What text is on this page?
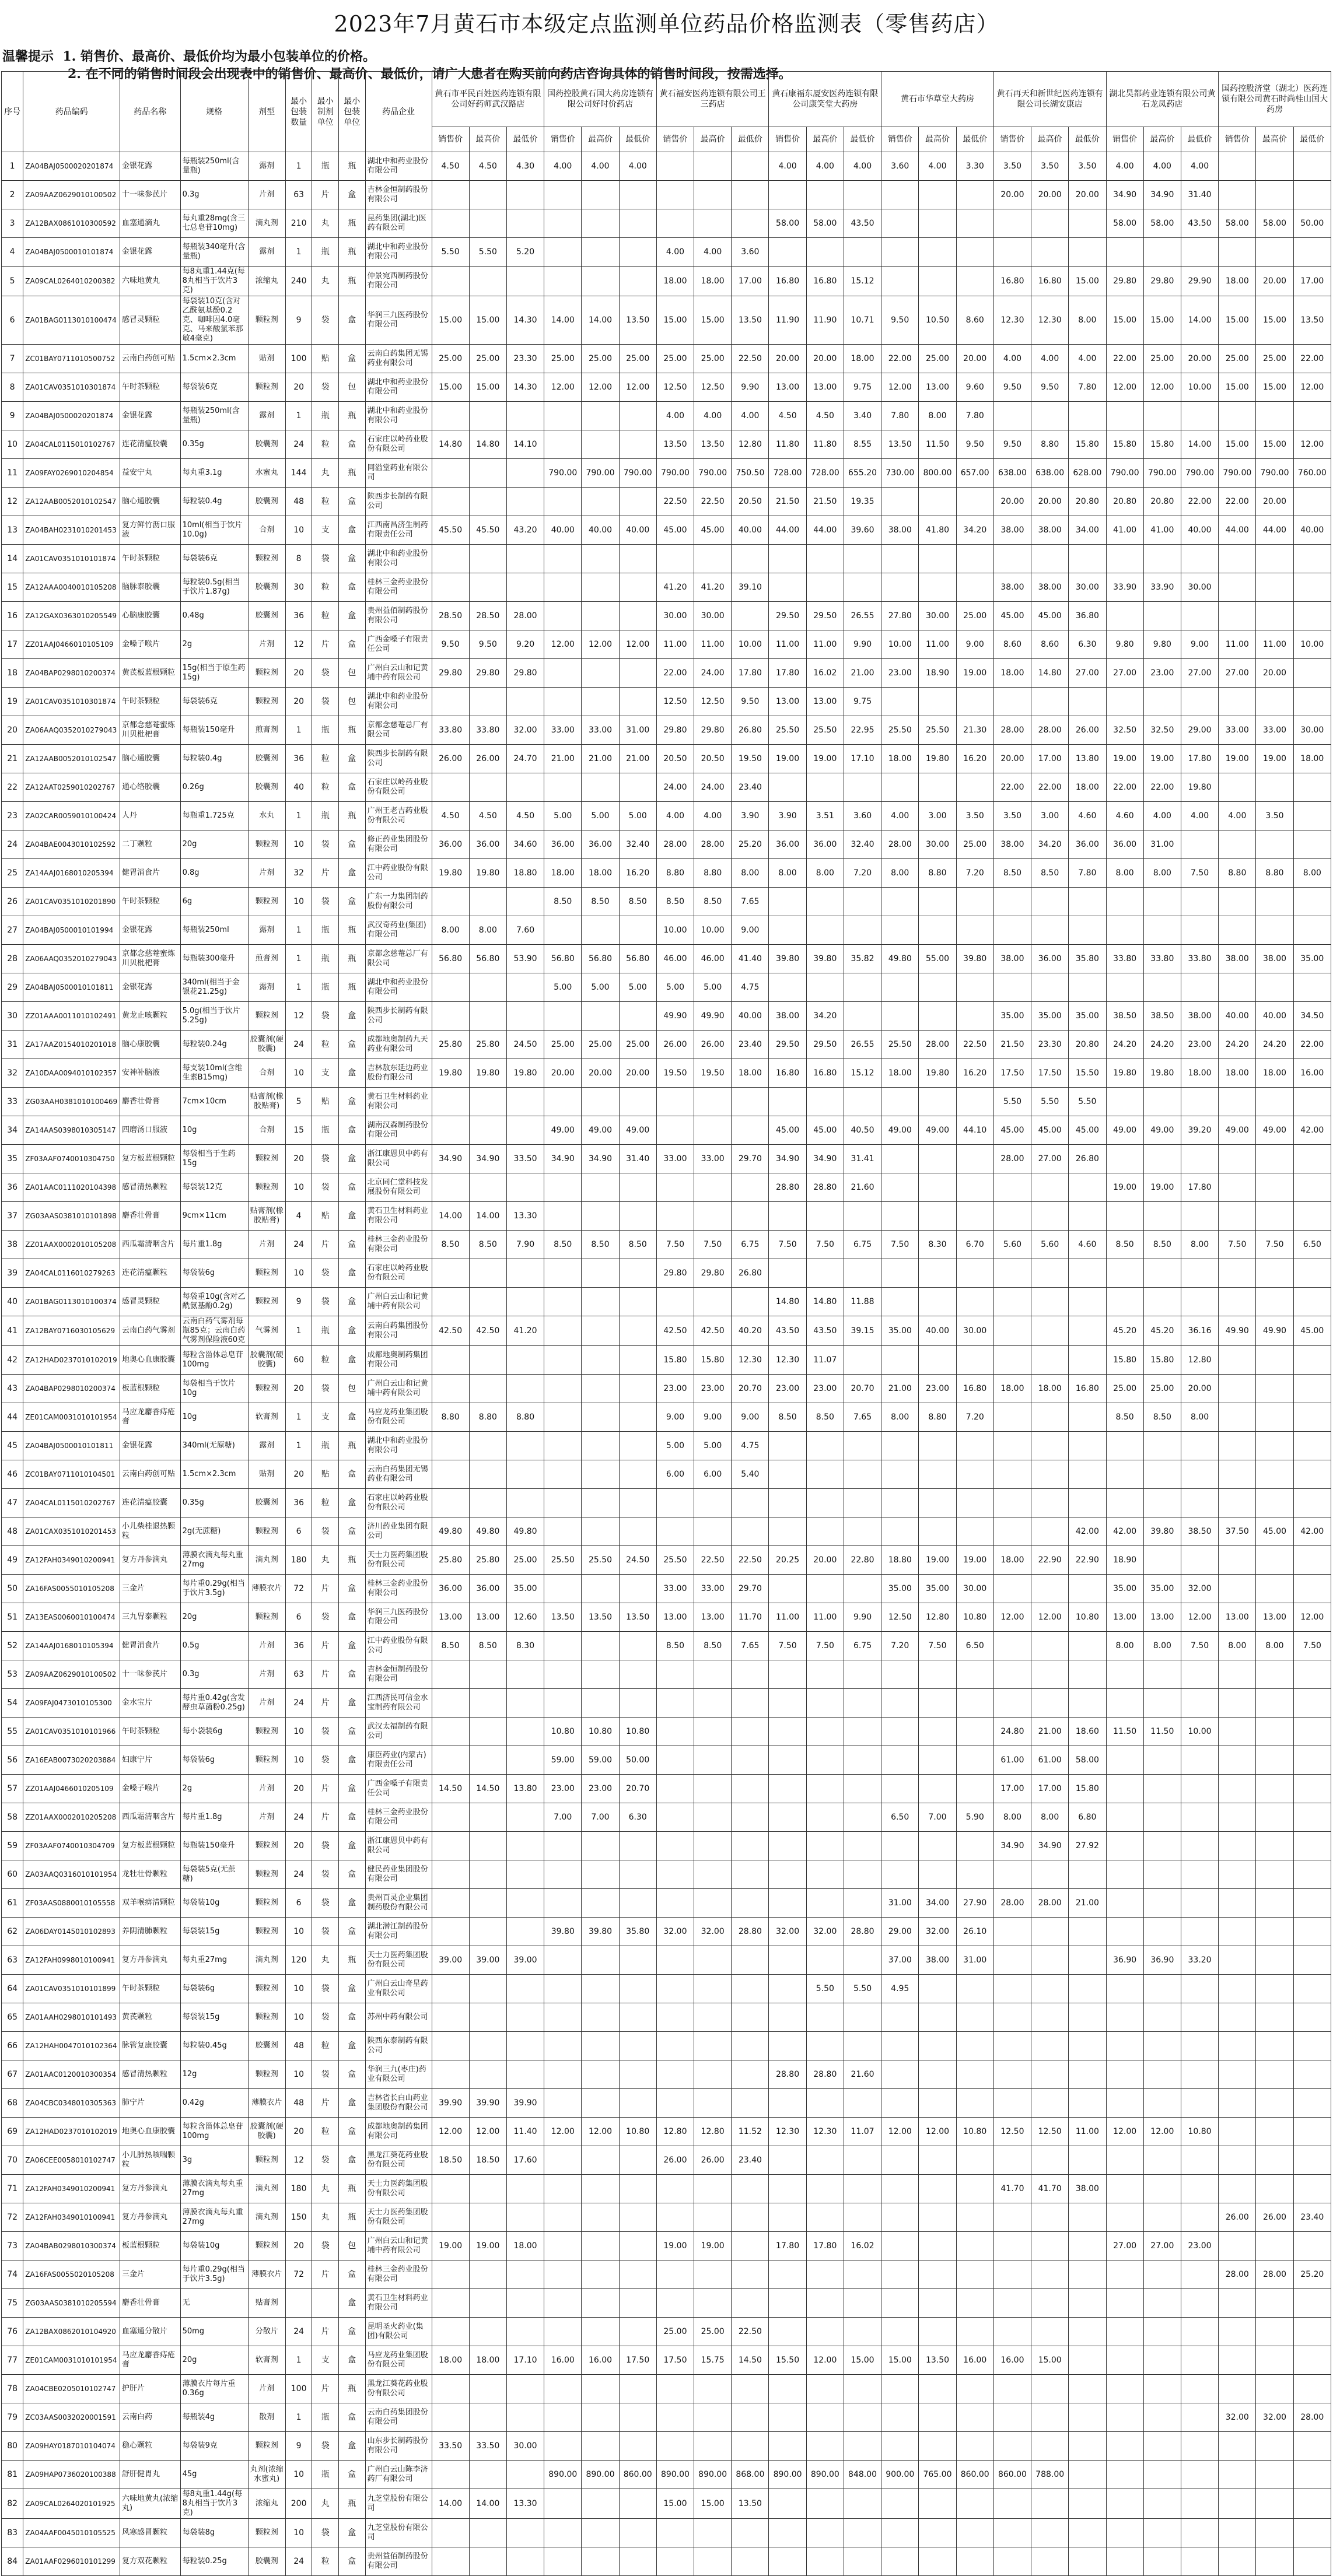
2023年7月黄石市本级定点监测单位药品价格监测表（零售药店）
温馨提示 1. 销售价、最高价、最低价均为最小包装单位的价格。
2. 在不同的销售时间段会出现表中的销售价、最高价、最低价，请广大患者在购买前向药店咨询具体的销售时间段，按需选择。
序号	药品编码	药品名称	规格	剂型	最小包装数量	最小制剂单位	最小包装单位	药品企业	黄石市平民百姓医药连锁有限公司好药师武汉路店			国药控股黄石国大药房连锁有限公司好时价药店			黄石福安医药连锁有限公司王三药店			黄石康福东厦安医药连锁有限公司康笑堂大药房			黄石市华草堂大药房			黄石再天和新世纪医药连锁有限公司长湖安康店			湖北昊都药业连锁有限公司黄石龙凤药店			国药控股济堂（湖北）医药连锁有限公司黄石时尚桂山国大药房		
									销售价	最高价	最低价	销售价	最高价	最低价	销售价	最高价	最低价	销售价	最高价	最低价	销售价	最高价	最低价	销售价	最高价	最低价	销售价	最高价	最低价	销售价	最高价	最低价
1	ZA04BAJ0500020201874	金银花露	每瓶装250ml(含量瓶)	露剂	1	瓶	瓶	湖北中和药业股份有限公司	4.50	4.50	4.30	4.00	4.00	4.00				4.00	4.00	4.00	3.60	4.00	3.30	3.50	3.50	3.50	4.00	4.00	4.00			
2	ZA09AAZ0629010100502	十一味参芪片	0.3g	片剂	63	片	盒	吉林金恒制药股份有限公司																20.00	20.00	20.00	34.90	34.90	31.40			
3	ZA12BAX0861010300592	血塞通滴丸	每丸重28mg(含三七总皂苷10mg)	滴丸剂	210	丸	瓶	昆药集团(湖北)医药有限公司										58.00	58.00	43.50							58.00	58.00	43.50	58.00	58.00	50.00
4	ZA04BAJ0500010101874	金银花露	每瓶装340毫升(含量瓶)	露剂	1	瓶	瓶	湖北中和药业股份有限公司	5.50	5.50	5.20				4.00	4.00	3.60															
5	ZA09CAL0264010200382	六味地黄丸	每8丸重1.44克(每8丸相当于饮片3克)	浓缩丸	240	丸	瓶	仲景宛西制药股份有限公司							18.00	18.00	17.00	16.80	16.80	15.12				16.80	16.80	15.00	29.80	29.80	29.90	18.00	20.00	17.00
6	ZA01BAG0113010100474	感冒灵颗粒	每袋装10克(含对乙酰氨基酚0.2克、咖啡因4.0毫克、马来酸氯苯那敏4毫克)	颗粒剂	9	袋	盒	华润三九医药股份有限公司	15.00	15.00	14.30	14.00	14.00	13.50	15.00	15.00	13.50	11.90	11.90	10.71	9.50	10.50	8.60	12.30	12.30	8.00	15.00	15.00	14.00	15.00	15.00	13.50
7	ZC01BAY0711010500752	云南白药创可贴	1.5cm×2.3cm	贴剂	100	贴	盒	云南白药集团无锡药业有限公司	25.00	25.00	23.30	25.00	25.00	25.00	25.00	25.00	22.50	20.00	20.00	18.00	22.00	25.00	20.00	4.00	4.00	4.00	22.00	25.00	20.00	25.00	25.00	22.00
8	ZA01CAV0351010301874	午时茶颗粒	每袋装6克	颗粒剂	20	袋	包	湖北中和药业股份有限公司	15.00	15.00	14.30	12.00	12.00	12.00	12.50	12.50	9.90	13.00	13.00	9.75	12.00	13.00	9.60	9.50	9.50	7.80	12.00	12.00	10.00	15.00	15.00	12.00
9	ZA04BAJ0500020201874	金银花露	每瓶装250ml(含量瓶)	露剂	1	瓶	瓶	湖北中和药业股份有限公司							4.00	4.00	4.00	4.50	4.50	3.40	7.80	8.00	7.80									
10	ZA04CAL0115010102767	连花清瘟胶囊	0.35g	胶囊剂	24	粒	盒	石家庄以岭药业股份有限公司	14.80	14.80	14.10				13.50	13.50	12.80	11.80	11.80	8.55	13.50	11.50	9.50	9.50	8.80	15.80	15.80	15.80	14.00	15.00	15.00	12.00
11	ZA09FAY0269010204854	益安宁丸	每丸重3.1g	水蜜丸	144	丸	瓶	同溢堂药业有限公司				790.00	790.00	790.00	790.00	790.00	750.50	728.00	728.00	655.20	730.00	800.00	657.00	638.00	638.00	628.00	790.00	790.00	790.00	790.00	790.00	760.00
12	ZA12AAB0052010102547	脑心通胶囊	每粒装0.4g	胶囊剂	48	粒	盒	陕西步长制药有限公司							22.50	22.50	20.50	21.50	21.50	19.35				20.00	20.00	20.80	20.80	20.80	22.00	22.00	20.00	
13	ZA04BAH0231010201453	复方鲜竹沥口服液	10ml(相当于饮片10.0g)	合剂	10	支	盒	江西南昌济生制药有限责任公司	45.50	45.50	43.20	40.00	40.00	40.00	45.00	45.00	40.00	44.00	44.00	39.60	38.00	41.80	34.20	38.00	38.00	34.00	41.00	41.00	40.00	44.00	44.00	40.00
14	ZA01CAV0351010101874	午时茶颗粒	每袋装6克	颗粒剂	8	袋	盒	湖北中和药业股份有限公司																								
15	ZA12AAA0040010105208	脑脉泰胶囊	每粒装0.5g(相当于饮片1.87g)	胶囊剂	30	粒	盒	桂林三金药业股份有限公司							41.20	41.20	39.10							38.00	38.00	30.00	33.90	33.90	30.00			
16	ZA12GAX0363010205549	心脑康胶囊	0.48g	胶囊剂	36	粒	盒	贵州益佰制药股份有限公司	28.50	28.50	28.00				30.00	30.00		29.50	29.50	26.55	27.80	30.00	25.00	45.00	45.00	36.80						
17	ZZ01AAJ0466010105109	金嗓子喉片	2g	片剂	12	片	盒	广西金嗓子有限责任公司	9.50	9.50	9.20	12.00	12.00	12.00	11.00	11.00	10.00	11.00	11.00	9.90	10.00	11.00	9.00	8.60	8.60	6.30	9.80	9.80	9.00	11.00	11.00	10.00
18	ZA04BAP0298010200374	黄芪板蓝根颗粒	15g(相当于原生药15g)	颗粒剂	20	袋	包	广州白云山和记黄埔中药有限公司	29.80	29.80	29.80				22.00	24.00	17.80	17.80	16.02	21.00	23.00	18.90	19.00	18.00	14.80	27.00	27.00	23.00	27.00	27.00	20.00	
19	ZA01CAV0351010301874	午时茶颗粒	每袋装6克	颗粒剂	20	袋	包	湖北中和药业股份有限公司							12.50	12.50	9.50	13.00	13.00	9.75												
20	ZA06AAQ0352010279043	京都念慈菴蜜炼川贝枇杷膏	每瓶装150毫升	煎膏剂	1	瓶	瓶	京都念慈菴总厂有限公司	33.80	33.80	32.00	33.00	33.00	31.00	29.80	29.80	26.80	25.50	25.50	22.95	25.50	25.50	21.30	28.00	28.00	26.00	32.50	32.50	29.00	33.00	33.00	30.00
21	ZA12AAB0052010102547	脑心通胶囊	每粒装0.4g	胶囊剂	36	粒	盒	陕西步长制药有限公司	26.00	26.00	24.70	21.00	21.00	21.00	20.50	20.50	19.50	19.00	19.00	17.10	18.00	19.80	16.20	20.00	17.00	13.80	19.00	19.00	17.80	19.00	19.00	18.00
22	ZA12AAT0259010202767	通心络胶囊	0.26g	胶囊剂	40	粒	盒	石家庄以岭药业股份有限公司							24.00	24.00	23.40							22.00	22.00	18.00	22.00	22.00	19.80			
23	ZA02CAR0059010100424	人丹	每瓶重1.725克	水丸	1	瓶	瓶	广州王老吉药业股份有限公司	4.50	4.50	4.50	5.00	5.00	5.00	4.00	4.00	3.90	3.90	3.51	3.60	4.00	3.00	3.50	3.50	3.00	4.60	4.60	4.00	4.00	4.00	3.50	
24	ZA04BAE0043010102592	二丁颗粒	20g	颗粒剂	10	袋	盒	修正药业集团股份有限公司	36.00	36.00	34.60	36.00	36.00	32.40	28.00	28.00	25.20	36.00	36.00	32.40	28.00	30.00	25.00	38.00	34.20	36.00	36.00	31.00				
25	ZA14AAJ0168010205394	健胃消食片	0.8g	片剂	32	片	盒	江中药业股份有限公司	19.80	19.80	18.80	18.00	18.00	16.20	8.80	8.80	8.00	8.00	8.00	7.20	8.00	8.80	7.20	8.50	8.50	7.80	8.00	8.00	7.50	8.80	8.80	8.00
26	ZA01CAV0351010201890	午时茶颗粒	6g	颗粒剂	10	袋	盒	广东一力集团制药股份有限公司				8.50	8.50	8.50	8.50	8.50	7.65															
27	ZA04BAJ0500010101994	金银花露	每瓶装250ml	露剂	1	瓶	瓶	武汉奇药业(集团)有限公司	8.00	8.00	7.60				10.00	10.00	9.00															
28	ZA06AAQ0352010279043	京都念慈菴蜜炼川贝枇杷膏	每瓶装300毫升	煎膏剂	1	瓶	瓶	京都念慈菴总厂有限公司	56.80	56.80	53.90	56.80	56.80	56.80	46.00	46.00	41.40	39.80	39.80	35.82	49.80	55.00	39.80	38.00	36.00	35.80	33.80	33.80	33.80	38.00	38.00	35.00
29	ZA04BAJ0500010101811	金银花露	340ml(相当于金银花21.25g)	露剂	1	瓶	瓶	湖北中和药业股份有限公司				5.00	5.00	5.00	5.00	5.00	4.75															
30	ZZ01AAA0011010102491	黄龙止咳颗粒	5.0g(相当于饮片5.25g)	颗粒剂	12	袋	盒	陕西步长制药有限公司							49.90	49.90	40.00	38.00	34.20					35.00	35.00	35.00	38.50	38.50	38.00	40.00	40.00	34.50
31	ZA17AAZ0154010201018	脑心康胶囊	每粒装0.24g	胶囊剂(硬胶囊)	24	粒	盒	成都地奥制药九天药业有限公司	25.80	25.80	24.50	25.00	25.00	25.00	26.00	26.00	23.40	29.50	29.50	26.55	25.50	28.00	22.50	21.50	23.30	20.80	24.20	24.20	23.00	24.20	24.20	22.00
32	ZA10DAA0094010102357	安神补脑液	每支装10ml(含维生素B15mg)	合剂	10	支	盒	吉林敖东延边药业股份有限公司	19.80	19.80	19.80	20.00	20.00	20.00	19.50	19.50	18.00	16.80	16.80	15.12	18.00	19.80	16.20	17.50	17.50	15.50	19.80	19.80	18.00	18.00	18.00	16.00
33	ZG03AAH0381010100469	麝香壮骨膏	7cm×10cm	贴膏剂(橡胶贴膏)	5	贴	盒	黄石卫生材料药业有限公司																5.50	5.50	5.50						
34	ZA14AAS0398010305147	四磨汤口服液	10g	合剂	15	瓶	盒	湖南汉森制药股份有限公司				49.00	49.00	49.00				45.00	45.00	40.50	49.00	49.00	44.10	45.00	45.00	45.00	49.00	49.00	39.20	49.00	49.00	42.00
35	ZF03AAF0740010304750	复方板蓝根颗粒	每袋相当于生药15g	颗粒剂	20	袋	盒	浙江康恩贝中药有限公司	34.90	34.90	33.50	34.90	34.90	31.40	33.00	33.00	29.70	34.90	34.90	31.41				28.00	27.00	26.80						
36	ZA01AAC0111020104398	感冒清热颗粒	每袋装12克	颗粒剂	10	袋	盒	北京同仁堂科技发展股份有限公司										28.80	28.80	21.60							19.00	19.00	17.80			
37	ZG03AAS0381010101898	麝香壮骨膏	9cm×11cm	贴膏剂(橡胶贴膏)	4	贴	盒	黄石卫生材料药业有限公司	14.00	14.00	13.30																					
38	ZZ01AAX0002010105208	西瓜霜清咽含片	每片重1.8g	片剂	24	片	盒	桂林三金药业股份有限公司	8.50	8.50	7.90	8.50	8.50	8.50	7.50	7.50	6.75	7.50	7.50	6.75	7.50	8.30	6.70	5.60	5.60	4.60	8.50	8.50	8.00	7.50	7.50	6.50
39	ZA04CAL0116010279263	连花清瘟颗粒	每袋装6g	颗粒剂	10	袋	盒	石家庄以岭药业股份有限公司							29.80	29.80	26.80															
40	ZA01BAG0113010100374	感冒灵颗粒	每袋重10g(含对乙酰氨基酚0.2g)	颗粒剂	9	袋	盒	广州白云山和记黄埔中药有限公司										14.80	14.80	11.88												
41	ZA12BAY0716030105629	云南白药气雾剂	云南白药气雾剂每瓶85克；云南白药气雾剂保险液60克	气雾剂	1	瓶	盒	云南白药集团股份有限公司	42.50	42.50	41.20				42.50	42.50	40.20	43.50	43.50	39.15	35.00	40.00	30.00				45.20	45.20	36.16	49.90	49.90	45.00
42	ZA12HAD0237010102019	地奥心血康胶囊	每粒含甾体总皂苷100mg	胶囊剂(硬胶囊)	60	粒	盒	成都地奥制药集团有限公司							15.80	15.80	12.30	12.30	11.07								15.80	15.80	12.80			
43	ZA04BAP0298010200374	板蓝根颗粒	每袋相当于饮片10g	颗粒剂	20	袋	包	广州白云山和记黄埔中药有限公司							23.00	23.00	20.70	23.00	23.00	20.70	21.00	23.00	16.80	18.00	18.00	16.80	25.00	25.00	20.00			
44	ZE01CAM0031010101954	马应龙麝香痔疮膏	10g	软膏剂	1	支	盒	马应龙药业集团股份有限公司	8.80	8.80	8.80				9.00	9.00	9.00	8.50	8.50	7.65	8.00	8.80	7.20				8.50	8.50	8.00			
45	ZA04BAJ0500010101811	金银花露	340ml(无原糖)	露剂	1	瓶	瓶	湖北中和药业股份有限公司							5.00	5.00	4.75															
46	ZC01BAY0711010104501	云南白药创可贴	1.5cm×2.3cm	贴剂	20	贴	盒	云南白药集团无锡药业有限公司							6.00	6.00	5.40															
47	ZA04CAL0115010202767	连花清瘟胶囊	0.35g	胶囊剂	36	粒	盒	石家庄以岭药业股份有限公司																								
48	ZA01CAX0351010201453	小儿柴桂退热颗粒	2g(无蔗糖)	颗粒剂	6	袋	盒	济川药业集团有限公司	49.80	49.80	49.80															42.00	42.00	39.80	38.50	37.50	45.00	42.00
49	ZA12FAH0349010200941	复方丹参滴丸	薄膜衣滴丸每丸重27mg	滴丸剂	180	丸	瓶	天士力医药集团股份有限公司	25.80	25.80	25.00	25.50	25.50	24.50	25.50	22.50	22.50	20.25	20.00	22.80	18.80	19.00	19.00	18.00	22.90	22.90	18.90					
50	ZA16FAS0055010105208	三金片	每片重0.29g(相当于饮片3.5g)	薄膜衣片	72	片	盒	桂林三金药业股份有限公司	36.00	36.00	35.00				33.00	33.00	29.70				35.00	35.00	30.00				35.00	35.00	32.00			
51	ZA13EAS0060010100474	三九胃泰颗粒	20g	颗粒剂	6	袋	盒	华润三九医药股份有限公司	13.00	13.00	12.60	13.50	13.50	13.50	13.00	13.00	11.70	11.00	11.00	9.90	12.50	12.80	10.80	12.00	12.00	10.80	13.00	13.00	12.00	13.00	13.00	12.00
52	ZA14AAJ0168010105394	健胃消食片	0.5g	片剂	36	片	盒	江中药业股份有限公司	8.50	8.50	8.30				8.50	8.50	7.65	7.50	7.50	6.75	7.20	7.50	6.50				8.00	8.00	7.50	8.00	8.00	7.50
53	ZA09AAZ0629010100502	十一味参芪片	0.3g	片剂	63	片	盒	吉林金恒制药股份有限公司																								
54	ZA09FAJ0473010105300	金水宝片	每片重0.42g(含发酵虫草菌粉0.25g)	片剂	24	片	盒	江西济民可信金水宝制药有限公司																								
55	ZA01CAV0351010101966	午时茶颗粒	每小袋装6g	颗粒剂	10	袋	盒	武汉太福制药有限公司				10.80	10.80	10.80										24.80	21.00	18.60	11.50	11.50	10.00			
56	ZA16EAB0073020203884	妇康宁片	每袋装6g	颗粒剂	10	袋	盒	康臣药业(内蒙古)有限责任公司				59.00	59.00	50.00										61.00	61.00	58.00						
57	ZZ01AAJ0466010205109	金嗓子喉片	2g	片剂	20	片	盒	广西金嗓子有限责任公司	14.50	14.50	13.80	23.00	23.00	20.70										17.00	17.00	15.80						
58	ZZ01AAX0002010205208	西瓜霜清咽含片	每片重1.8g	片剂	24	片	盒	桂林三金药业股份有限公司				7.00	7.00	6.30							6.50	7.00	5.90	8.00	8.00	6.80						
59	ZF03AAF0740010304709	复方板蓝根颗粒	每瓶装150毫升	颗粒剂	20	袋	盒	浙江康恩贝中药有限公司																34.90	34.90	27.92						
60	ZA03AAQ0316010101954	龙牡壮骨颗粒	每袋装5克(无蔗糖)	颗粒剂	24	袋	盒	健民药业集团股份有限公司																								
61	ZF03AAS0880010105558	双羊喉痹清颗粒	每袋装10g	颗粒剂	6	袋	盒	贵州百灵企业集团制药股份有限公司													31.00	34.00	27.90	28.00	28.00	21.00						
62	ZA06DAY0145010102893	养阴清肺颗粒	每袋装15g	颗粒剂	10	袋	盒	湖北潜江制药股份有限公司				39.80	39.80	35.80	32.00	32.00	28.80	32.00	32.00	28.80	29.00	32.00	26.10									
63	ZA12FAH0998010100941	复方丹参滴丸	每丸重27mg	滴丸剂	120	丸	瓶	天士力医药集团股份有限公司	39.00	39.00	39.00										37.00	38.00	31.00				36.90	36.90	33.20			
64	ZA01CAV0351010101899	午时茶颗粒	每袋装6g	颗粒剂	10	袋	盒	广州白云山奇星药业有限公司											5.50	5.50	4.95											
65	ZA01AAH0298010101493	黄芪颗粒	每袋装15g	颗粒剂	10	袋	盒	苏州中药有限公司																								
66	ZA12HAH0047010102364	脉管复康胶囊	每粒装0.45g	胶囊剂	48	粒	盒	陕西东泰制药有限公司																								
67	ZA01AAC0120010300354	感冒清热颗粒	12g	颗粒剂	10	袋	盒	华润三九(枣庄)药业有限公司										28.80	28.80	21.60												
68	ZA04CBC0348010305363	肺宁片	0.42g	薄膜衣片	48	片	盒	吉林省长白山药业集团股份有限公司	39.90	39.90	39.90																					
69	ZA12HAD0237010102019	地奥心血康胶囊	每粒含甾体总皂苷100mg	胶囊剂(硬胶囊)	20	粒	盒	成都地奥制药集团有限公司	12.00	12.00	11.40	12.00	12.00	10.80	12.80	12.80	11.52	12.30	12.30	11.07	12.00	12.00	10.80	12.50	12.50	11.00	12.00	12.00	10.80			
70	ZA06CEE0058010102747	小儿肺热咳喘颗粒	3g	颗粒剂	12	袋	盒	黑龙江葵花药业股份有限公司	18.50	18.50	17.60				26.00	26.00	23.40															
71	ZA12FAH0349010200941	复方丹参滴丸	薄膜衣滴丸每丸重27mg	滴丸剂	180	丸	瓶	天士力医药集团股份有限公司																41.70	41.70	38.00						
72	ZA12FAH0349010100941	复方丹参滴丸	薄膜衣滴丸每丸重27mg	滴丸剂	150	丸	瓶	天士力医药集团股份有限公司																						26.00	26.00	23.40
73	ZA04BAB0298010300374	板蓝根颗粒	每袋装10g	颗粒剂	20	袋	包	广州白云山和记黄埔中药有限公司	19.00	19.00	18.00				19.00	19.00		17.80	17.80	16.02							27.00	27.00	23.00			
74	ZA16FAS0055020105208	三金片	每片重0.29g(相当于饮片3.5g)	薄膜衣片	72	片	盒	桂林三金药业股份有限公司																						28.00	28.00	25.20
75	ZG03AAS0381010205594	麝香壮骨膏	无	贴膏剂			盒	黄石卫生材料药业有限公司																								
76	ZA12BAX0862010104920	血塞通分散片	50mg	分散片	24	片	盒	昆明圣火药业(集团)有限公司							25.00	25.00	22.50															
77	ZE01CAM0031010101954	马应龙麝香痔疮膏	20g	软膏剂	1	支	盒	马应龙药业集团股份有限公司	18.00	18.00	17.10	16.00	16.00	17.50	17.50	15.75	14.50	15.50	12.00	15.00	15.00	13.50	16.00	16.00	15.00							
78	ZA04CBE0205010102747	护肝片	薄膜衣片每片重0.36g	片剂	100	片	瓶	黑龙江葵花药业股份有限公司																								
79	ZC03AAS0032020001591	云南白药	每瓶装4g	散剂	1	瓶	盒	云南白药集团股份有限公司																						32.00	32.00	28.00
80	ZA09HAY0187010104074	稳心颗粒	每袋装9克	颗粒剂	9	袋	盒	山东步长制药股份有限公司	33.50	33.50	30.00																					
81	ZA09HAP0736020100388	舒肝健胃丸	45g	丸剂(浓缩水蜜丸)	10	瓶	盒	广州白云山陈李济药厂有限公司				890.00	890.00	860.00	890.00	890.00	868.00	890.00	890.00	848.00	900.00	765.00	860.00	860.00	788.00							
82	ZA09CAL0264020101925	六味地黄丸(浓缩丸)	每8丸重1.44g(每8丸相当于饮片3克)	浓缩丸	200	丸	瓶	九芝堂股份有限公司	14.00	14.00	13.30				15.00	15.00	13.50															
83	ZA04AAF0045010105525	风寒感冒颗粒	每袋装8g	颗粒剂	10	袋	盒	九芝堂股份有限公司																								
84	ZA01AAF0296010101299	复方双花颗粒	每粒装0.25g	胶囊剂	24	粒	盒	贵州益佰制药股份有限公司																								
